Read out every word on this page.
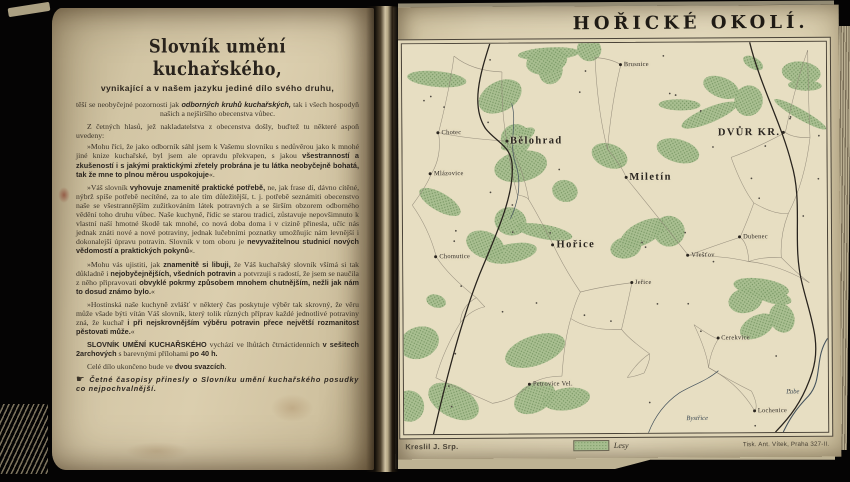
Slovník umění kuchařského,
vynikající a v našem jazyku jediné dílo svého druhu,

těší se neobyčejné pozornosti jak odborných kruhů kuchařských, tak i všech hospodyň našich a nejširšího obecenstva vůbec.

Z četných hlasů, jež nakladatelstva z obecenstva došly, buďtež tu některé aspoň uvedeny:

»Mohu říci, že jako odborník sáhl jsem k Vašemu slovníku s nedůvěrou jako k mnohé jiné knize kuchařské, byl jsem ale opravdu překvapen, s jakou všestranností a zkušeností i s jakými praktickými zřetely probrána je tu látka neobyčejně bohatá, tak že mne to plnou měrou uspokojuje«.

»Váš slovník vyhovuje znamenitě praktické potřebě, ne, jak frase dí, dávno cítěné, nýbrž spíše potřebě necítěné, za to ale tím důležitější, t. j. potřebě seznámiti obecenstvo naše se všestrannějším zužitkováním látek potravných a se širším obzorem odborného vědění toho druhu vůbec. Naše kuchyně, řídíc se starou tradicí, zůstavuje nepovšimnuto k vlastní naší hmotné škodě tak mnohé, co nová doba doma i v cizině přinesla, učíc nás jednak znáti nové a nové potraviny, jednak lučebními poznatky umožňujíc nám levnější i dokonalejší úpravu potravin. Slovník v tom oboru je nevyvažitelnou studnicí nových vědomostí a praktických pokynů«.

»Mohu vás ujistiti, jak znamenitě si libuji, že Váš kuchařský slovník všímá si tak důkladně i nejobyčejnějších, všedních potravin a potvrzuji s radostí, že jsem se naučila z něho připravovati obvyklé pokrmy způsobem mnohem chutnějším, nežli jak nám to dosud známo bylo.«

»Hostinská naše kuchyně zvlášť v některý čas poskytuje výběr tak skrovný, že věru může všade býti vítán Váš slovník, který tolik různých příprav každé jednotlivé potraviny zná, že kuchař i při nejskrovnějším výběru potravin přece největší rozmanitost pěstovati může.«

SLOVNÍK UMĚNÍ KUCHAŘSKÉHO vychází ve lhůtách čtrnáctidenních v sešitech 2archových s barevnými přílohami po 40 h.

Celé dílo ukončeno bude ve dvou svazcích.

☛ Četné časopisy přinesly o Slovníku umění kuchařského posudky co nejpochvalnější.

HOŘICKÉ OKOLÍ.
Bělohrad
Miletín
Hořice
DVŮR KR.
Chotec
Mlázovice
Brusnice
Chomutice	Vřešťov
Dubenec
Jeřice
Cerekvice
Petrovice Vel.
Lochenice
Labe
Bystřice
Kreslil J. Srp.	Lesy	Tisk. Ant. Vítek, Praha 327-II.
